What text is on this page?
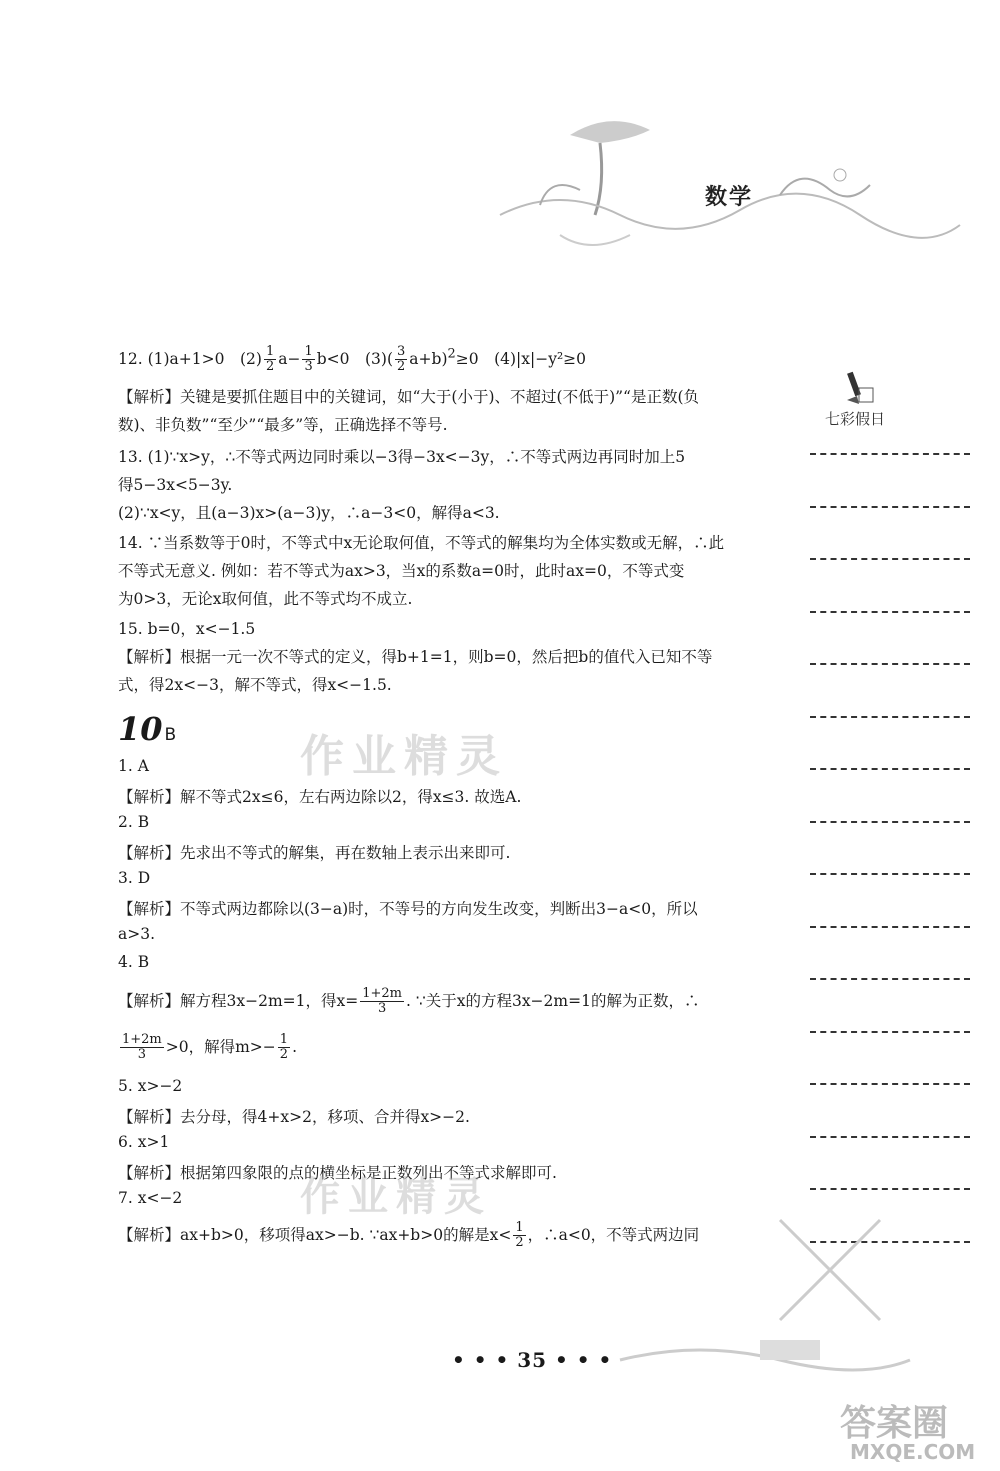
数学
七彩假日
12. (1)a+1>0　$(2) \frac{1}{2} a- \frac{1}{3} b<0$　$(3)( \frac{3}{2} a+b)^2\ge 0$　(4)|x|−y²≥0
【解析】关键是要抓住题目中的关键词，如“大于(小于)、不超过(不低于)”“是正数(负
数)、非负数”“至少”“最多”等，正确选择不等号.
13. (1)∵x>y，∴不等式两边同时乘以−3得−3x<−3y，∴不等式两边再同时加上5
得5−3x<5−3y.
(2)∵x<y，且(a−3)x>(a−3)y，∴a−3<0，解得a<3.
14. ∵当系数等于0时，不等式中x无论取何值，不等式的解集均为全体实数或无解，∴此
不等式无意义. 例如：若不等式为ax>3，当x的系数a=0时，此时ax=0，不等式变
为0>3，无论x取何值，此不等式均不成立.
15. b=0，x<−1.5
【解析】根据一元一次不等式的定义，得b+1=1，则b=0，然后把b的值代入已知不等
式，得2x<−3，解不等式，得x<−1.5.
10 B
1. A
【解析】解不等式2x≤6，左右两边除以2，得x≤3. 故选A.
2. B
【解析】先求出不等式的解集，再在数轴上表示出来即可.
3. D
【解析】不等式两边都除以(3−a)时，不等号的方向发生改变，判断出3−a<0，所以
a>3.
4. B
【解析】解方程3x−2m=1，得$x= \frac{1+2m}{3}$ . ∵关于x的方程3x−2m=1的解为正数，∴
$\frac{1+2m}{3} >0$，解得$m>- \frac{1}{2}$ .
5. x>−2
【解析】去分母，得4+x>2，移项、合并得x>−2.
6. x>1
【解析】根据第四象限的点的横坐标是正数列出不等式求解即可.
7. x<−2
【解析】ax+b>0，移项得ax>−b. ∵ax+b>0的解是$x< \frac{1}{2}$ ，∴a<0，不等式两边同
作业精灵
作业精灵
• • • 35 • • •
答案圈
MXQE.COM
